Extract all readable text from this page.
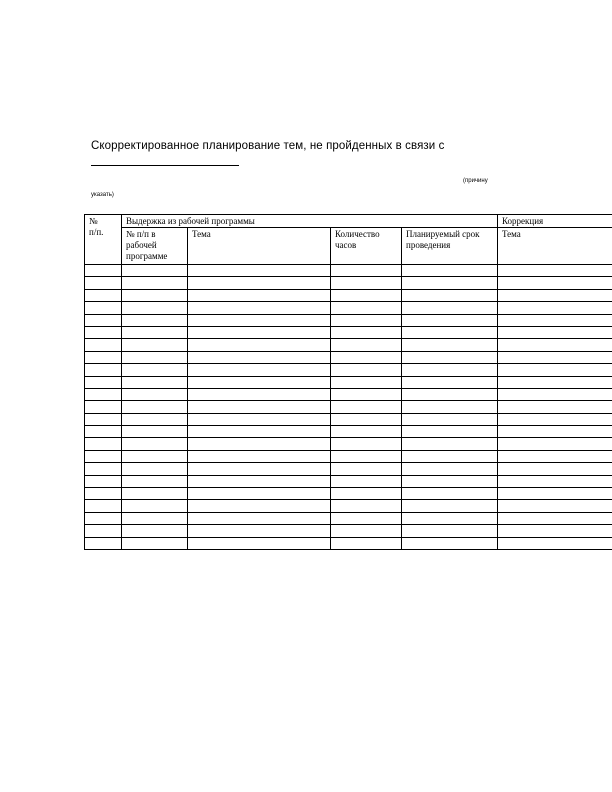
Скорректированное планирование тем, не пройденных в связи с
(причину
указать)
№
п/п.	Выдержка из рабочей программы				Коррекция
	№ п/п в рабочей программе	Тема	Количество часов	Планируемый срок проведения	Тема
